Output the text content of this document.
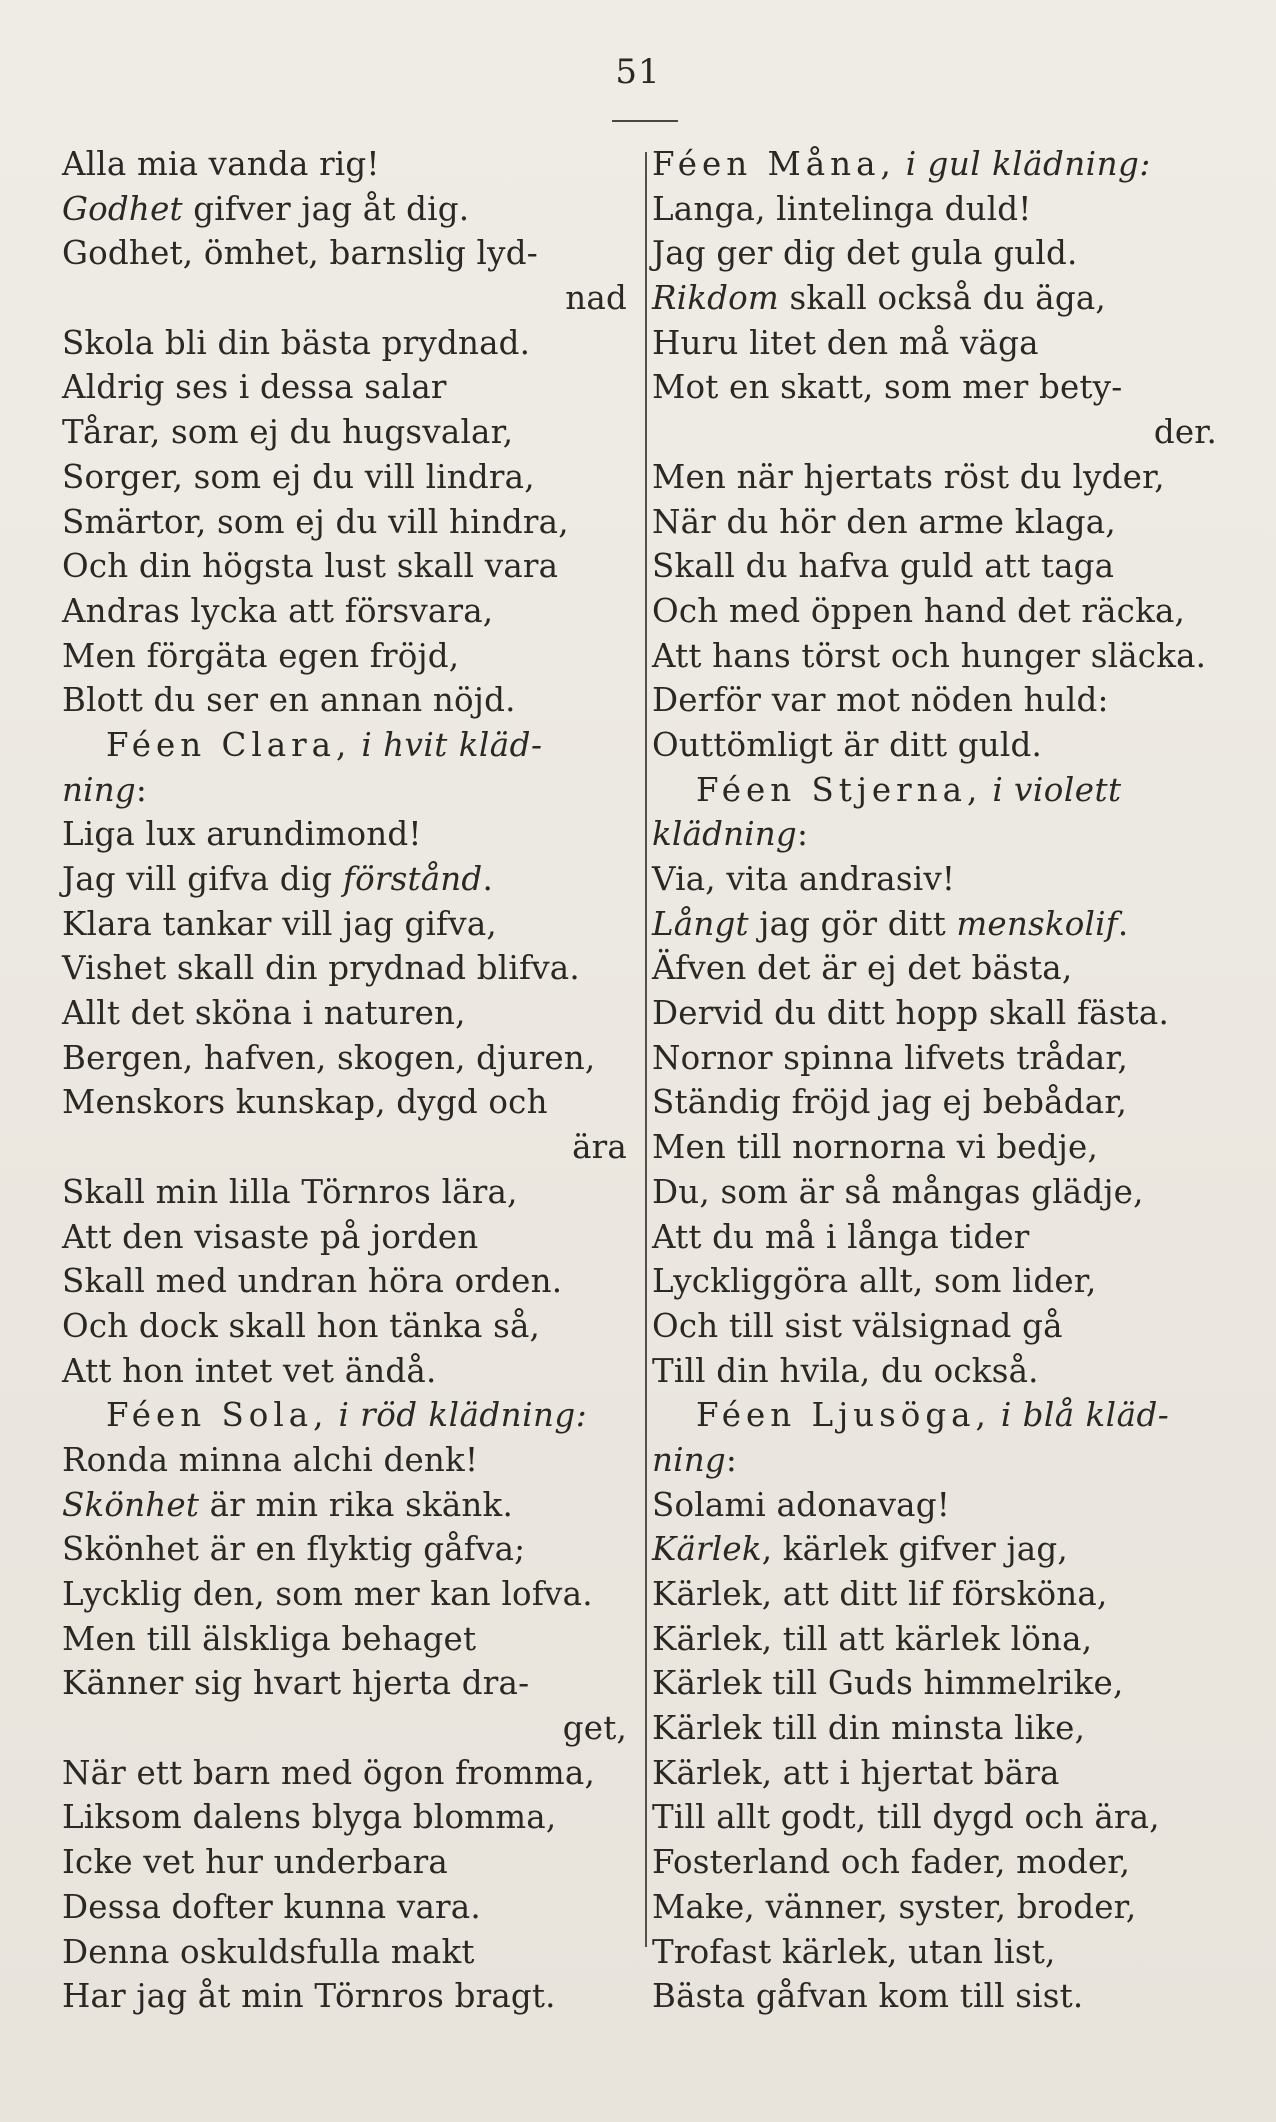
51
Alla mia vanda rig!
Godhet gifver jag åt dig.
Godhet, ömhet, barnslig lyd-
nad
Skola bli din bästa prydnad.
Aldrig ses i dessa salar
Tårar, som ej du hugsvalar,
Sorger, som ej du vill lindra,
Smärtor, som ej du vill hindra,
Och din högsta lust skall vara
Andras lycka att försvara,
Men förgäta egen fröjd,
Blott du ser en annan nöjd.
Féen Clara, i hvit kläd-
ning:
Liga lux arundimond!
Jag vill gifva dig förstånd.
Klara tankar vill jag gifva,
Vishet skall din prydnad blifva.
Allt det sköna i naturen,
Bergen, hafven, skogen, djuren,
Menskors kunskap, dygd och
ära
Skall min lilla Törnros lära,
Att den visaste på jorden
Skall med undran höra orden.
Och dock skall hon tänka så,
Att hon intet vet ändå.
Féen Sola, i röd klädning:
Ronda minna alchi denk!
Skönhet är min rika skänk.
Skönhet är en flyktig gåfva;
Lycklig den, som mer kan lofva.
Men till älskliga behaget
Känner sig hvart hjerta dra-
get,
När ett barn med ögon fromma,
Liksom dalens blyga blomma,
Icke vet hur underbara
Dessa dofter kunna vara.
Denna oskuldsfulla makt
Har jag åt min Törnros bragt.
Féen Måna, i gul klädning:
Langa, lintelinga duld!
Jag ger dig det gula guld.
Rikdom skall också du äga,
Huru litet den må väga
Mot en skatt, som mer bety-
der.
Men när hjertats röst du lyder,
När du hör den arme klaga,
Skall du hafva guld att taga
Och med öppen hand det räcka,
Att hans törst och hunger släcka.
Derför var mot nöden huld:
Outtömligt är ditt guld.
Féen Stjerna, i violett
klädning:
Via, vita andrasiv!
Långt jag gör ditt menskolif.
Äfven det är ej det bästa,
Dervid du ditt hopp skall fästa.
Nornor spinna lifvets trådar,
Ständig fröjd jag ej bebådar,
Men till nornorna vi bedje,
Du, som är så mångas glädje,
Att du må i långa tider
Lyckliggöra allt, som lider,
Och till sist välsignad gå
Till din hvila, du också.
Féen Ljusöga, i blå kläd-
ning:
Solami adonavag!
Kärlek, kärlek gifver jag,
Kärlek, att ditt lif försköna,
Kärlek, till att kärlek löna,
Kärlek till Guds himmelrike,
Kärlek till din minsta like,
Kärlek, att i hjertat bära
Till allt godt, till dygd och ära,
Fosterland och fader, moder,
Make, vänner, syster, broder,
Trofast kärlek, utan list,
Bästa gåfvan kom till sist.
